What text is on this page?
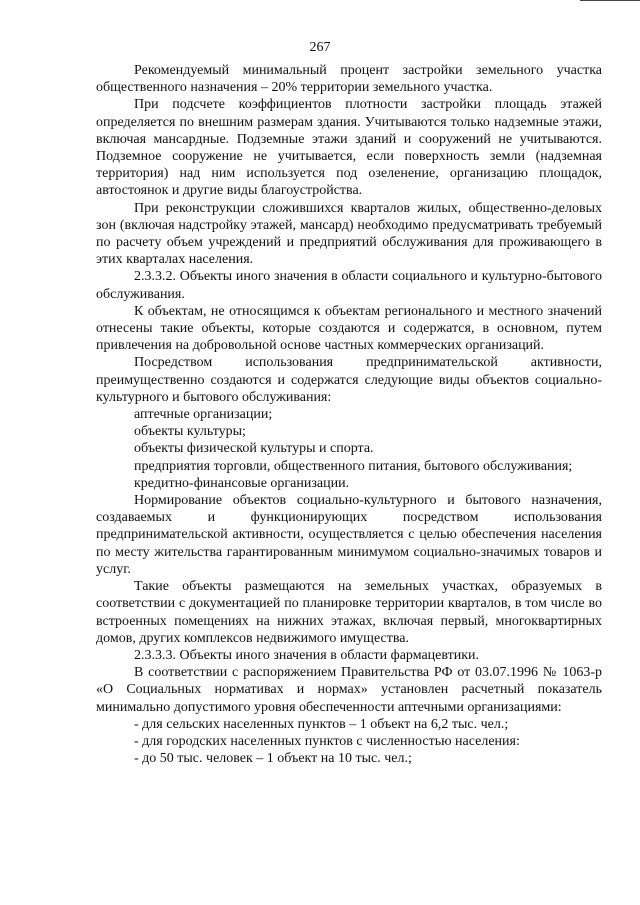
267

Рекомендуемый минимальный процент застройки земельного участка общественного назначения – 20% территории земельного участка.

При подсчете коэффициентов плотности застройки площадь этажей определяется по внешним размерам здания. Учитываются только надземные этажи, включая мансардные. Подземные этажи зданий и сооружений не учитываются. Подземное сооружение не учитывается, если поверхность земли (надземная территория) над ним используется под озеленение, организацию площадок, автостоянок и другие виды благоустройства.

При реконструкции сложившихся кварталов жилых, общественно-деловых зон (включая надстройку этажей, мансард) необходимо предусматривать требуемый по расчету объем учреждений и предприятий обслуживания для проживающего в этих кварталах населения.

2.3.3.2. Объекты иного значения в области социального и культурно-бытового обслуживания.

К объектам, не относящимся к объектам регионального и местного значений отнесены такие объекты, которые создаются и содержатся, в основном, путем привлечения на добровольной основе частных коммерческих организаций.

Посредством использования предпринимательской активности, преимущественно создаются и содержатся следующие виды объектов социально-культурного и бытового обслуживания:

аптечные организации;

объекты культуры;

объекты физической культуры и спорта.

предприятия торговли, общественного питания, бытового обслуживания;

кредитно-финансовые организации.

Нормирование объектов социально-культурного и бытового назначения, создаваемых и функционирующих посредством использования предпринимательской активности, осуществляется с целью обеспечения населения по месту жительства гарантированным минимумом социально-значимых товаров и услуг.

Такие объекты размещаются на земельных участках, образуемых в соответствии с документацией по планировке территории кварталов, в том числе во встроенных помещениях на нижних этажах, включая первый, многоквартирных домов, других комплексов недвижимого имущества.

2.3.3.3. Объекты иного значения в области фармацевтики.

В соответствии с распоряжением Правительства РФ от 03.07.1996 № 1063-р «О Социальных нормативах и нормах» установлен расчетный показатель минимально допустимого уровня обеспеченности аптечными организациями:

- для сельских населенных пунктов – 1 объект на 6,2 тыс. чел.;

- для городских населенных пунктов с численностью населения:

- до 50 тыс. человек – 1 объект на 10 тыс. чел.;
